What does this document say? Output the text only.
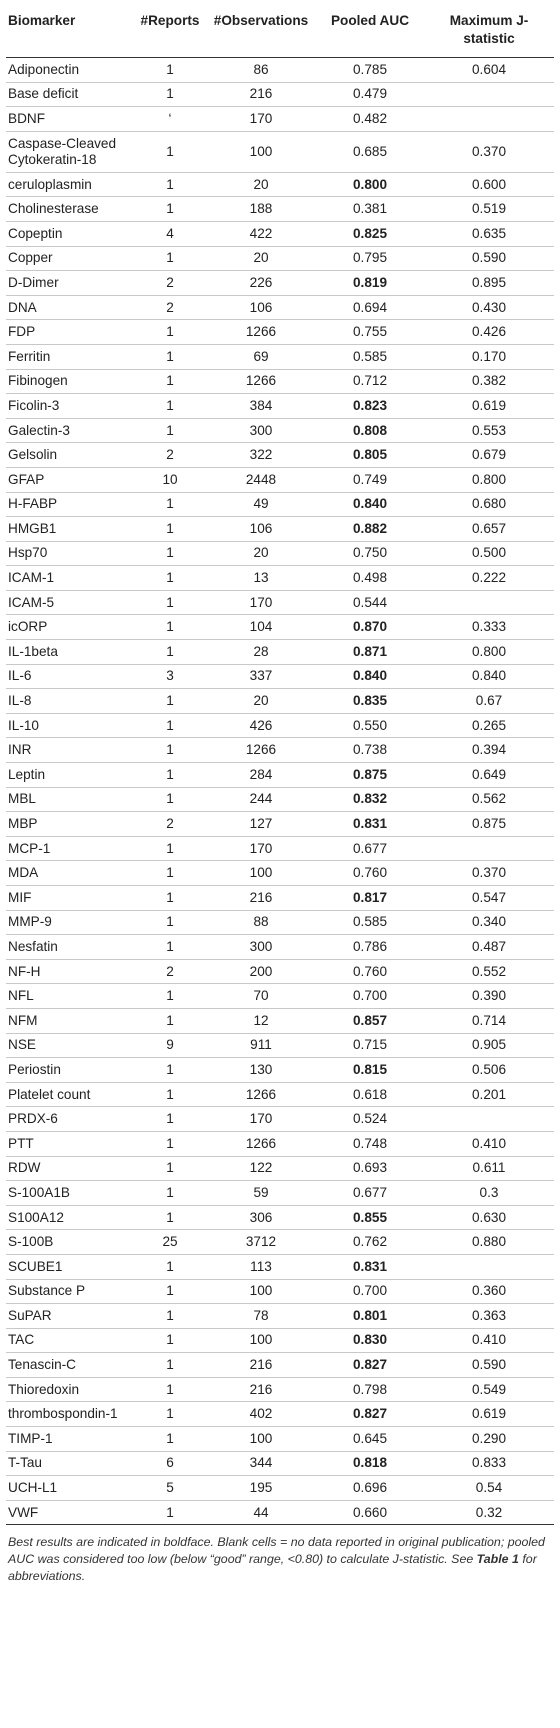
Biomarker	#Reports	#Observations	Pooled AUC	Maximum J-statistic
Adiponectin	1	86	0.785	0.604
Base deficit	1	216	0.479	
BDNF	‘	170	0.482	
Caspase-Cleaved Cytokeratin-18	1	100	0.685	0.370
ceruloplasmin	1	20	0.800	0.600
Cholinesterase	1	188	0.381	0.519
Copeptin	4	422	0.825	0.635
Copper	1	20	0.795	0.590
D-Dimer	2	226	0.819	0.895
DNA	2	106	0.694	0.430
FDP	1	1266	0.755	0.426
Ferritin	1	69	0.585	0.170
Fibinogen	1	1266	0.712	0.382
Ficolin-3	1	384	0.823	0.619
Galectin-3	1	300	0.808	0.553
Gelsolin	2	322	0.805	0.679
GFAP	10	2448	0.749	0.800
H-FABP	1	49	0.840	0.680
HMGB1	1	106	0.882	0.657
Hsp70	1	20	0.750	0.500
ICAM-1	1	13	0.498	0.222
ICAM-5	1	170	0.544	
icORP	1	104	0.870	0.333
IL-1beta	1	28	0.871	0.800
IL-6	3	337	0.840	0.840
IL-8	1	20	0.835	0.67
IL-10	1	426	0.550	0.265
INR	1	1266	0.738	0.394
Leptin	1	284	0.875	0.649
MBL	1	244	0.832	0.562
MBP	2	127	0.831	0.875
MCP-1	1	170	0.677	
MDA	1	100	0.760	0.370
MIF	1	216	0.817	0.547
MMP-9	1	88	0.585	0.340
Nesfatin	1	300	0.786	0.487
NF-H	2	200	0.760	0.552
NFL	1	70	0.700	0.390
NFM	1	12	0.857	0.714
NSE	9	911	0.715	0.905
Periostin	1	130	0.815	0.506
Platelet count	1	1266	0.618	0.201
PRDX-6	1	170	0.524	
PTT	1	1266	0.748	0.410
RDW	1	122	0.693	0.611
S-100A1B	1	59	0.677	0.3
S100A12	1	306	0.855	0.630
S-100B	25	3712	0.762	0.880
SCUBE1	1	113	0.831	
Substance P	1	100	0.700	0.360
SuPAR	1	78	0.801	0.363
TAC	1	100	0.830	0.410
Tenascin-C	1	216	0.827	0.590
Thioredoxin	1	216	0.798	0.549
thrombospondin-1	1	402	0.827	0.619
TIMP-1	1	100	0.645	0.290
T-Tau	6	344	0.818	0.833
UCH-L1	5	195	0.696	0.54
VWF	1	44	0.660	0.32
Best results are indicated in boldface. Blank cells = no data reported in original publication; pooled AUC was considered too low (below “good” range, <0.80) to calculate J-statistic. See Table 1 for abbreviations.
